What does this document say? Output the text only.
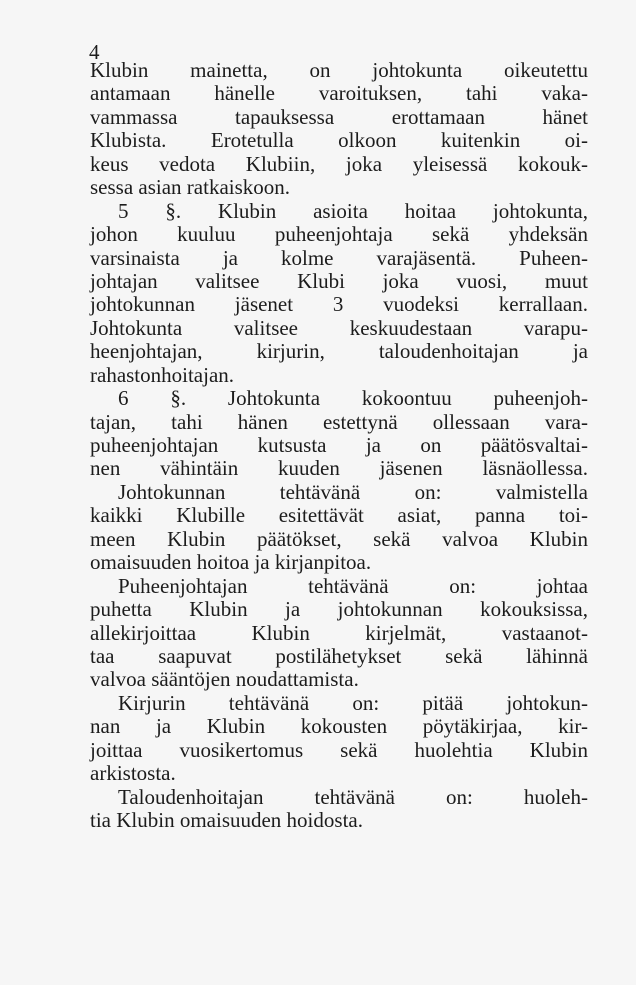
4
Klubin mainetta, on johtokunta oikeutettu
antamaan hänelle varoituksen, tahi vaka-
vammassa tapauksessa erottamaan hänet
Klubista. Erotetulla olkoon kuitenkin oi-
keus vedota Klubiin, joka yleisessä kokouk-
sessa asian ratkaiskoon.
5 §. Klubin asioita hoitaa johtokunta,
johon kuuluu puheenjohtaja sekä yhdeksän
varsinaista ja kolme varajäsentä. Puheen-
johtajan valitsee Klubi joka vuosi, muut
johtokunnan jäsenet 3 vuodeksi kerrallaan.
Johtokunta valitsee keskuudestaan varapu-
heenjohtajan, kirjurin, taloudenhoitajan ja
rahastonhoitajan.
6 §. Johtokunta kokoontuu puheenjoh-
tajan, tahi hänen estettynä ollessaan vara-
puheenjohtajan kutsusta ja on päätösvaltai-
nen vähintäin kuuden jäsenen läsnäollessa.
Johtokunnan tehtävänä on: valmistella
kaikki Klubille esitettävät asiat, panna toi-
meen Klubin päätökset, sekä valvoa Klubin
omaisuuden hoitoa ja kirjanpitoa.
Puheenjohtajan tehtävänä on: johtaa
puhetta Klubin ja johtokunnan kokouksissa,
allekirjoittaa Klubin kirjelmät, vastaanot-
taa saapuvat postilähetykset sekä lähinnä
valvoa sääntöjen noudattamista.
Kirjurin tehtävänä on: pitää johtokun-
nan ja Klubin kokousten pöytäkirjaa, kir-
joittaa vuosikertomus sekä huolehtia Klubin
arkistosta.
Taloudenhoitajan tehtävänä on: huoleh-
tia Klubin omaisuuden hoidosta.
